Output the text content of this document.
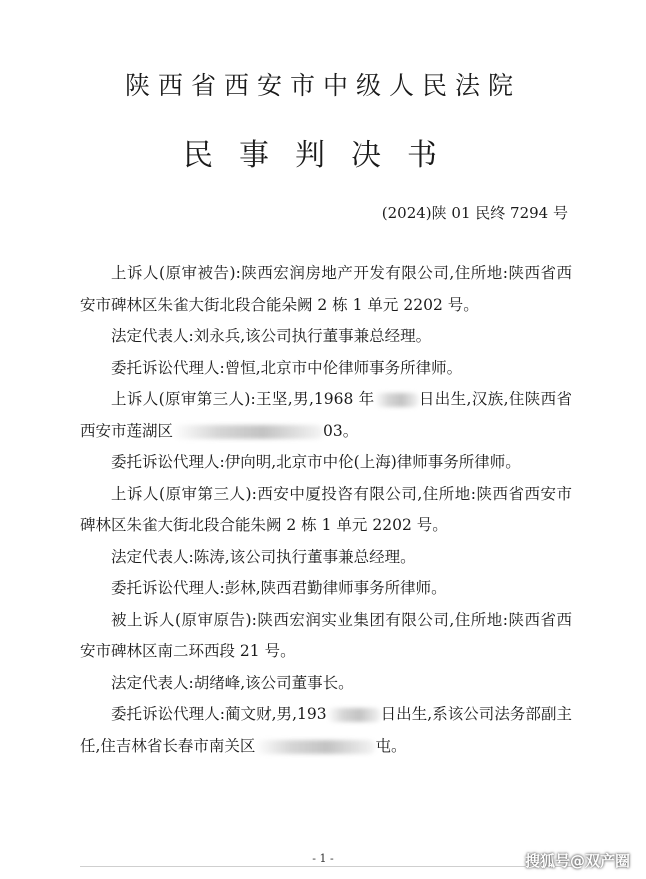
陕西省西安市中级人民法院
民事判决书
(2024)陕 01 民终 7294 号

上诉人(原审被告):陕西宏润房地产开发有限公司,住所地:陕西省西安市碑林区朱雀大街北段合能朵阙 2 栋 1 单元 2202 号。

法定代表人:刘永兵,该公司执行董事兼总经理。

委托诉讼代理人:曾恒,北京市中伦律师事务所律师。

上诉人(原审第三人):王坚,男,1968 年	日出生,汉族,住陕西省西安市莲湖区	03。

委托诉讼代理人:伊向明,北京市中伦(上海)律师事务所律师。

上诉人(原审第三人):西安中厦投咨有限公司,住所地:陕西省西安市碑林区朱雀大街北段合能朱阙 2 栋 1 单元 2202 号。

法定代表人:陈涛,该公司执行董事兼总经理。

委托诉讼代理人:彭林,陕西君勤律师事务所律师。

被上诉人(原审原告):陕西宏润实业集团有限公司,住所地:陕西省西安市碑林区南二环西段 21 号。

法定代表人:胡绪峰,该公司董事长。

委托诉讼代理人:蔺文财,男,193	日出生,系该公司法务部副主任,住吉林省长春市南关区	屯。

- 1 -	搜狐号@双产圈
